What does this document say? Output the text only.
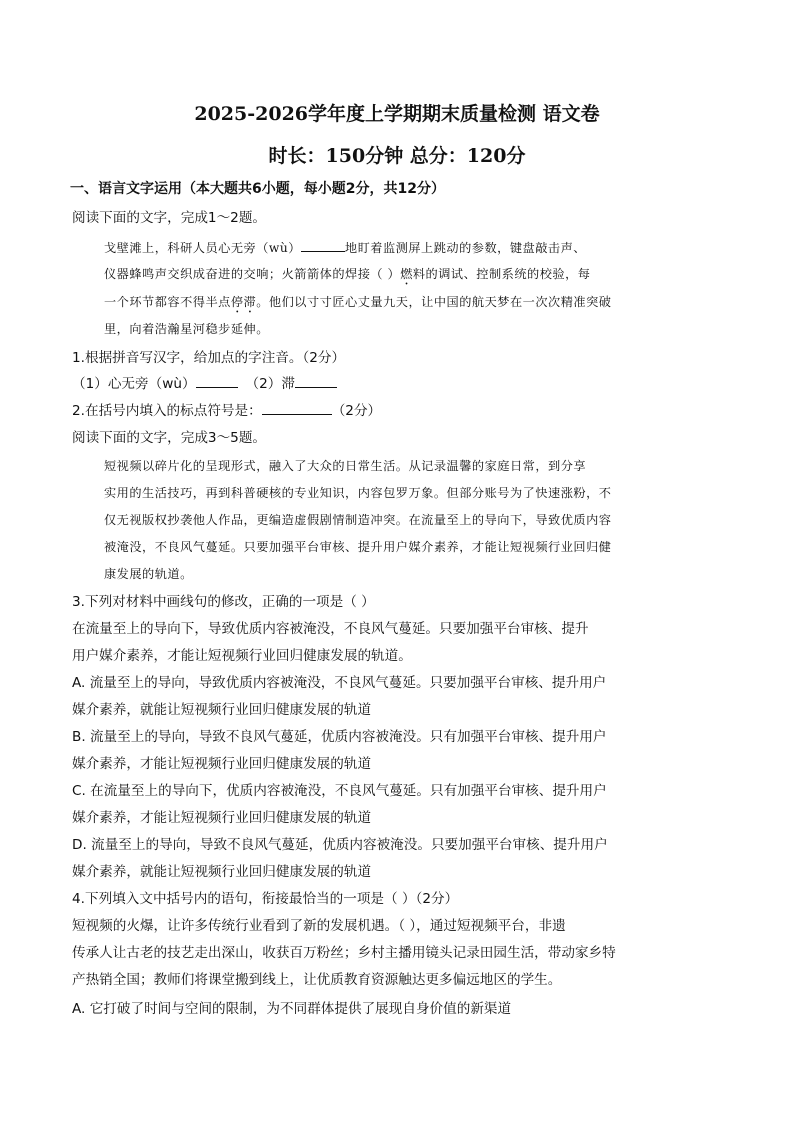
2025-2026学年度上学期期末质量检测 语文卷
时长：150分钟 总分：120分
一、语言文字运用（本大题共6小题，每小题2分，共12分）
阅读下面的文字，完成1～2题。
戈壁滩上，科研人员心无旁（wù）	地盯着监测屏上跳动的参数，键盘敲击声、
仪器蜂鸣声交织成奋进的交响；火箭箭体的焊接（ ）燃料的调试、控制系统的校验，每
一个环节都容不得半点停滞。他们以寸寸匠心丈量九天，让中国的航天梦在一次次精准突破
里，向着浩瀚星河稳步延伸。
1.根据拼音写汉字，给加点的字注音。（2分）
（1）心无旁（wù）	（2）滞
2.在括号内填入的标点符号是：	（2分）
阅读下面的文字，完成3～5题。
短视频以碎片化的呈现形式，融入了大众的日常生活。从记录温馨的家庭日常，到分享
实用的生活技巧，再到科普硬核的专业知识，内容包罗万象。但部分账号为了快速涨粉，不
仅无视版权抄袭他人作品，更编造虚假剧情制造冲突。在流量至上的导向下，导致优质内容
被淹没，不良风气蔓延。只要加强平台审核、提升用户媒介素养，才能让短视频行业回归健
康发展的轨道。
3.下列对材料中画线句的修改，正确的一项是（ ）
在流量至上的导向下，导致优质内容被淹没，不良风气蔓延。只要加强平台审核、提升
用户媒介素养，才能让短视频行业回归健康发展的轨道。
A. 流量至上的导向，导致优质内容被淹没，不良风气蔓延。只要加强平台审核、提升用户
媒介素养，就能让短视频行业回归健康发展的轨道
B. 流量至上的导向，导致不良风气蔓延，优质内容被淹没。只有加强平台审核、提升用户
媒介素养，才能让短视频行业回归健康发展的轨道
C. 在流量至上的导向下，优质内容被淹没，不良风气蔓延。只有加强平台审核、提升用户
媒介素养，才能让短视频行业回归健康发展的轨道
D. 流量至上的导向，导致不良风气蔓延，优质内容被淹没。只要加强平台审核、提升用户
媒介素养，就能让短视频行业回归健康发展的轨道
4.下列填入文中括号内的语句，衔接最恰当的一项是（ ）（2分）
短视频的火爆，让许多传统行业看到了新的发展机遇。（ ），通过短视频平台，非遗
传承人让古老的技艺走出深山，收获百万粉丝；乡村主播用镜头记录田园生活，带动家乡特
产热销全国；教师们将课堂搬到线上，让优质教育资源触达更多偏远地区的学生。
A. 它打破了时间与空间的限制，为不同群体提供了展现自身价值的新渠道
